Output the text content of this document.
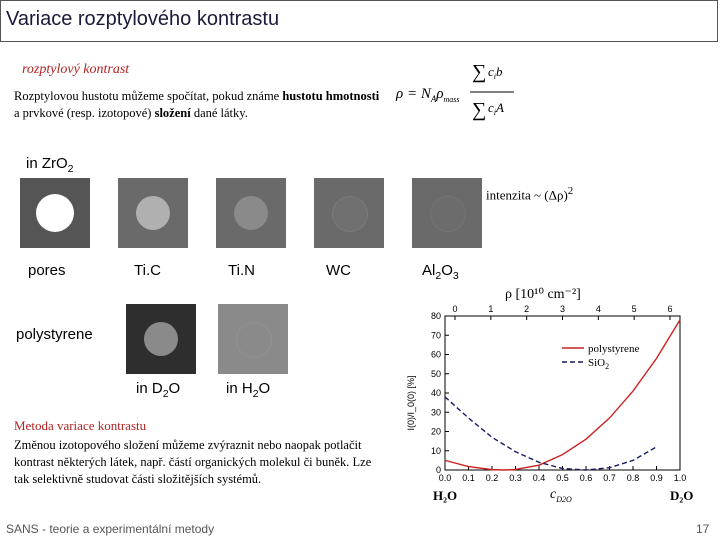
Variace rozptylového kontrastu
rozptylový kontrast
Rozptylovou hustotu můžeme spočítat, pokud známe hustotu hmotnosti a prvkové (resp. izotopové) složení dané látky.
$\rho = N_A\rho_{mass}$
∑ $c_ib$
∑ $c_iA$
in ZrO$_2$
intenzita ~ $(\Delta\rho)^2$
pores	Ti.C	Ti.N	WC	$Al_2O_3$
polystyrene
in $D_2O$	in $H_2O$
Metoda variace kontrastu
Změnou izotopového složení můžeme zvýraznit nebo naopak potlačit kontrast některých látek, např. částí organických molekul či buněk. Lze tak selektivně studovat části složitějších systémů.	0.0 0.1 0.2 0.3 0.4 0.5 0.6 0.7 0.8 0.9 1.0
0	1	2	3	4	5	6
ρ [10¹⁰ cm⁻²]
0
10
20
30
40
50
60
70
80
I(0)/I_0(0) [%]
polystyrene
SiO$_2$
H₂O	D₂O
$c_{D2O}$
SANS - teorie a experimentální metody	17
